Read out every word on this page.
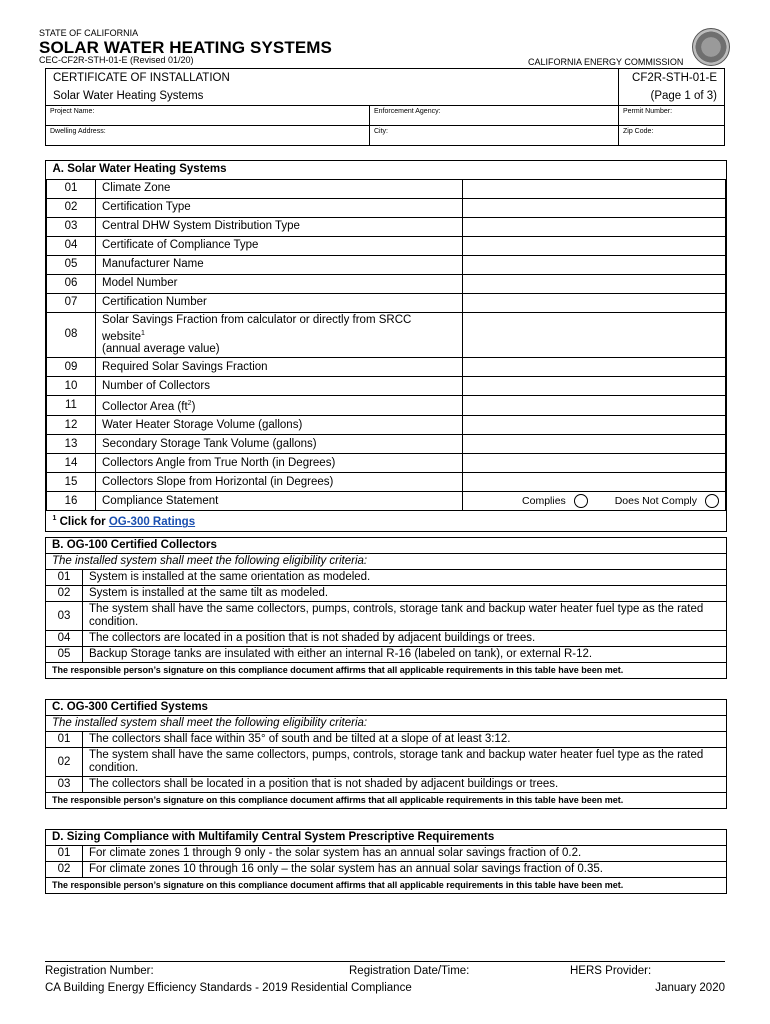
STATE OF CALIFORNIA
SOLAR WATER HEATING SYSTEMS
CEC-CF2R-STH-01-E (Revised 01/20)	CALIFORNIA ENERGY COMMISSION
CERTIFICATE OF INSTALLATION		CF2R-STH-01-E
Solar Water Heating Systems		(Page 1 of 3)
Project Name:	Enforcement Agency:	Permit Number:
Dwelling Address:	City:	Zip Code:
A. Solar Water Heating Systems		
01	Climate Zone	
02	Certification Type	
03	Central DHW System Distribution Type	
04	Certificate of Compliance Type	
05	Manufacturer Name	
06	Model Number	
07	Certification Number	
08	Solar Savings Fraction from calculator or directly from SRCC website$^1$
(annual average value)	
09	Required Solar Savings Fraction	
10	Number of Collectors	
11	Collector Area $(ft^2)$	
12	Water Heater Storage Volume (gallons)	
13	Secondary Storage Tank Volume (gallons)	
14	Collectors Angle from True North (in Degrees)	
15	Collectors Slope from Horizontal (in Degrees)	
16	Compliance Statement	Complies Does Not Comply
$^1$ Click for OG-300 Ratings		
B. OG-100 Certified Collectors	
The installed system shall meet the following eligibility criteria:	
01	System is installed at the same orientation as modeled.
02	System is installed at the same tilt as modeled.
03	The system shall have the same collectors, pumps, controls, storage tank and backup water heater fuel type as the rated
condition.
04	The collectors are located in a position that is not shaded by adjacent buildings or trees.
05	Backup Storage tanks are insulated with either an internal R-16 (labeled on tank), or external R-12.
The responsible person’s signature on this compliance document affirms that all applicable requirements in this table have been met.	
C. OG-300 Certified Systems	
The installed system shall meet the following eligibility criteria:	
01	The collectors shall face within 35° of south and be tilted at a slope of at least 3:12.
02	The system shall have the same collectors, pumps, controls, storage tank and backup water heater fuel type as the rated
condition.
03	The collectors shall be located in a position that is not shaded by adjacent buildings or trees.
The responsible person’s signature on this compliance document affirms that all applicable requirements in this table have been met.	
D. Sizing Compliance with Multifamily Central System Prescriptive Requirements	
01	For climate zones 1 through 9 only - the solar system has an annual solar savings fraction of 0.2.
02	For climate zones 10 through 16 only – the solar system has an annual solar savings fraction of 0.35.
The responsible person’s signature on this compliance document affirms that all applicable requirements in this table have been met.	
Registration Number:	Registration Date/Time:	HERS Provider:
CA Building Energy Efficiency Standards - 2019 Residential Compliance	January 2020
